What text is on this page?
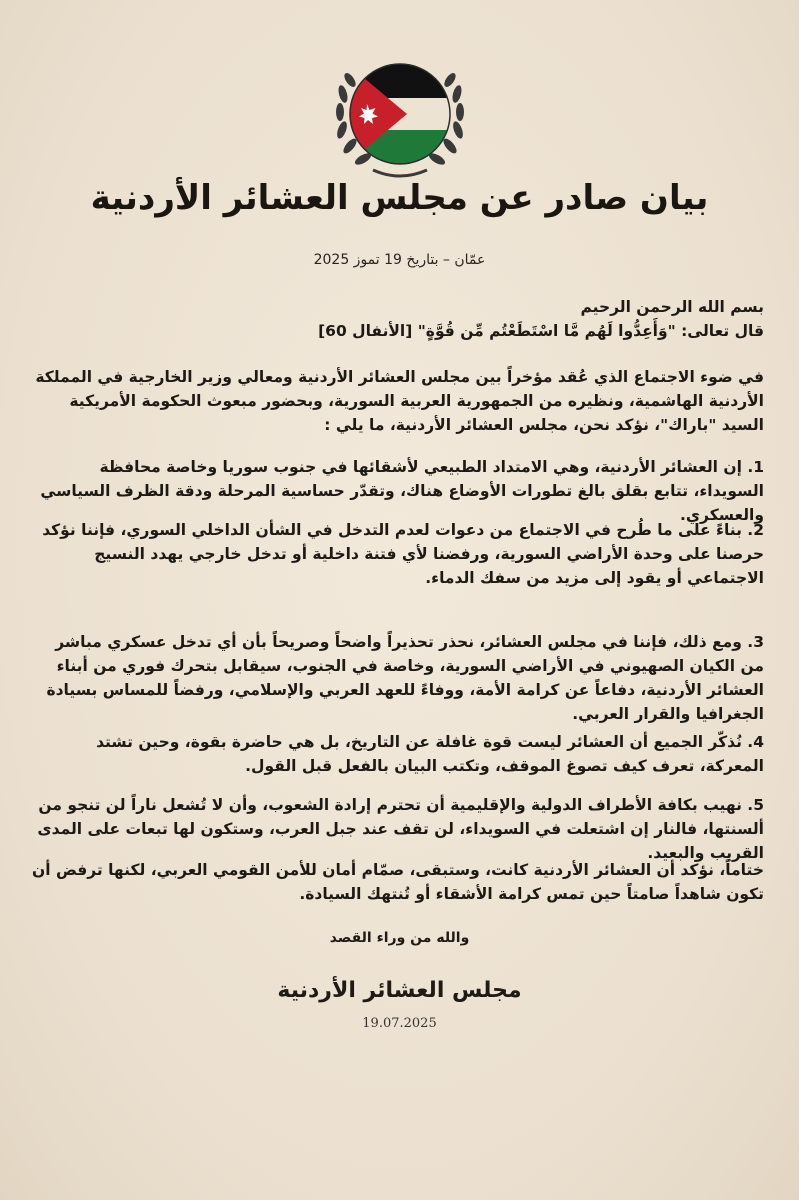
بيان صادر عن مجلس العشائر الأردنية
عمّان – بتاريخ 19 تموز 2025

بسم الله الرحمن الرحيم

قال تعالى: "وَأَعِدُّوا لَهُم مَّا اسْتَطَعْتُم مِّن قُوَّةٍ" [الأنفال 60]

في ضوء الاجتماع الذي عُقد مؤخراً بين مجلس العشائر الأردنية ومعالي وزير الخارجية في المملكة الأردنية الهاشمية، ونظيره من الجمهورية العربية السورية، وبحضور مبعوث الحكومة الأمريكية السيد "باراك"، نؤكد نحن، مجلس العشائر الأردنية، ما يلي :

1. إن العشائر الأردنية، وهي الامتداد الطبيعي لأشقائها في جنوب سوريا وخاصة محافظة السويداء، تتابع بقلق بالغ تطورات الأوضاع هناك، وتقدّر حساسية المرحلة ودقة الظرف السياسي والعسكري.

2. بناءً على ما طُرح في الاجتماع من دعوات لعدم التدخل في الشأن الداخلي السوري، فإننا نؤكد حرصنا على وحدة الأراضي السورية، ورفضنا لأي فتنة داخلية أو تدخل خارجي يهدد النسيج الاجتماعي أو يقود إلى مزيد من سفك الدماء.

3. ومع ذلك، فإننا في مجلس العشائر، نحذر تحذيراً واضحاً وصريحاً بأن أي تدخل عسكري مباشر من الكيان الصهيوني في الأراضي السورية، وخاصة في الجنوب، سيقابل بتحرك فوري من أبناء العشائر الأردنية، دفاعاً عن كرامة الأمة، ووفاءً للعهد العربي والإسلامي، ورفضاً للمساس بسيادة الجغرافيا والقرار العربي.

4. نُذكّر الجميع أن العشائر ليست قوة غافلة عن التاريخ، بل هي حاضرة بقوة، وحين تشتد المعركة، تعرف كيف تصوغ الموقف، وتكتب البيان بالفعل قبل القول.

5. نهيب بكافة الأطراف الدولية والإقليمية أن تحترم إرادة الشعوب، وأن لا تُشعل ناراً لن تنجو من ألسنتها، فالنار إن اشتعلت في السويداء، لن تقف عند جبل العرب، وستكون لها تبعات على المدى القريب والبعيد.

ختاماً، نؤكد أن العشائر الأردنية كانت، وستبقى، صمّام أمان للأمن القومي العربي، لكنها ترفض أن تكون شاهداً صامتاً حين تمس كرامة الأشقاء أو تُنتهك السيادة.

والله من وراء القصد
مجلس العشائر الأردنية
19.07.2025
